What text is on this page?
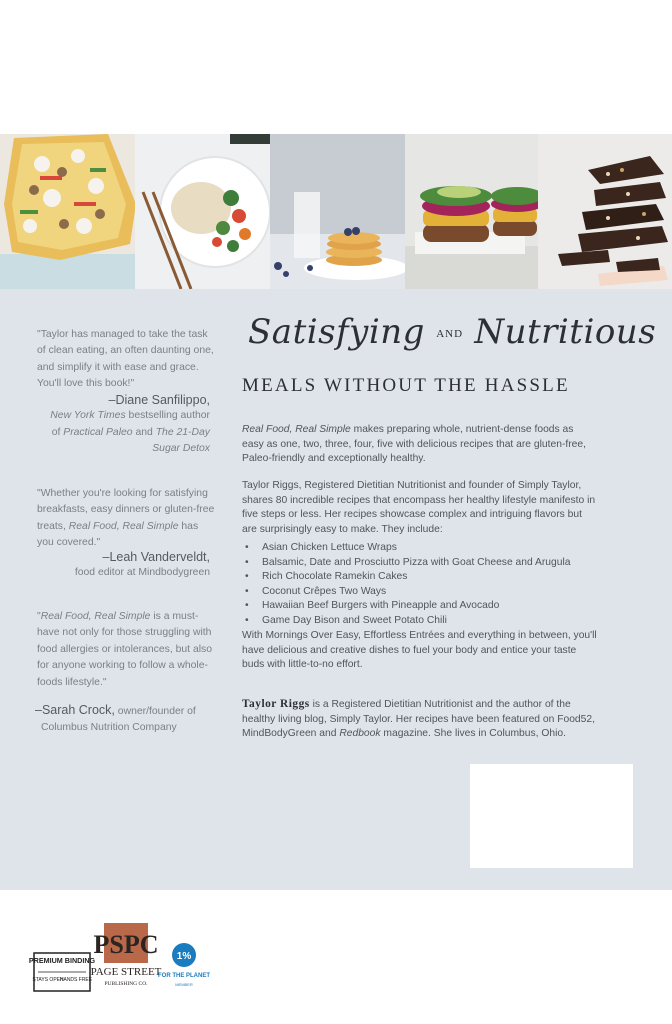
"Taylor has managed to take the task of clean eating, an often daunting one, and simplify it with ease and grace. You'll love this book!"
–Diane Sanfilippo,
New York Times bestselling author
of Practical Paleo and The 21-Day
Sugar Detox
"Whether you're looking for satisfying breakfasts, easy dinners or gluten-free treats, Real Food, Real Simple has you covered."
–Leah Vanderveldt,
food editor at Mindbodygreen
"Real Food, Real Simple is a must-have not only for those struggling with food allergies or intolerances, but also for anyone working to follow a whole-foods lifestyle."
–Sarah Crock, owner/founder of
Columbus Nutrition Company
PREMIUM BINDING
STAYS OPEN
HANDS FREE
PSPC
PAGE STREET
PUBLISHING CO.
1%
FOR THE PLANET
MEMBER
Satisfying AND Nutritious
MEALS WITHOUT THE HASSLE
Real Food, Real Simple makes preparing whole, nutrient-dense foods as easy as one, two, three, four, five with delicious recipes that are gluten-free, Paleo-friendly and exceptionally healthy.
Taylor Riggs, Registered Dietitian Nutritionist and founder of Simply Taylor, shares 80 incredible recipes that encompass her healthy lifestyle manifesto in five steps or less. Her recipes showcase complex and intriguing flavors but are surprisingly easy to make. They include:
• Asian Chicken Lettuce Wraps
• Balsamic, Date and Prosciutto Pizza with Goat Cheese and Arugula
• Rich Chocolate Ramekin Cakes
• Coconut Crêpes Two Ways
• Hawaiian Beef Burgers with Pineapple and Avocado
• Game Day Bison and Sweet Potato Chili
With Mornings Over Easy, Effortless Entrées and everything in between, you'll have delicious and creative dishes to fuel your body and entice your taste buds with little-to-no effort.
Taylor Riggs is a Registered Dietitian Nutritionist and the author of the healthy living blog, Simply Taylor. Her recipes have been featured on Food52, MindBodyGreen and Redbook magazine. She lives in Columbus, Ohio.
